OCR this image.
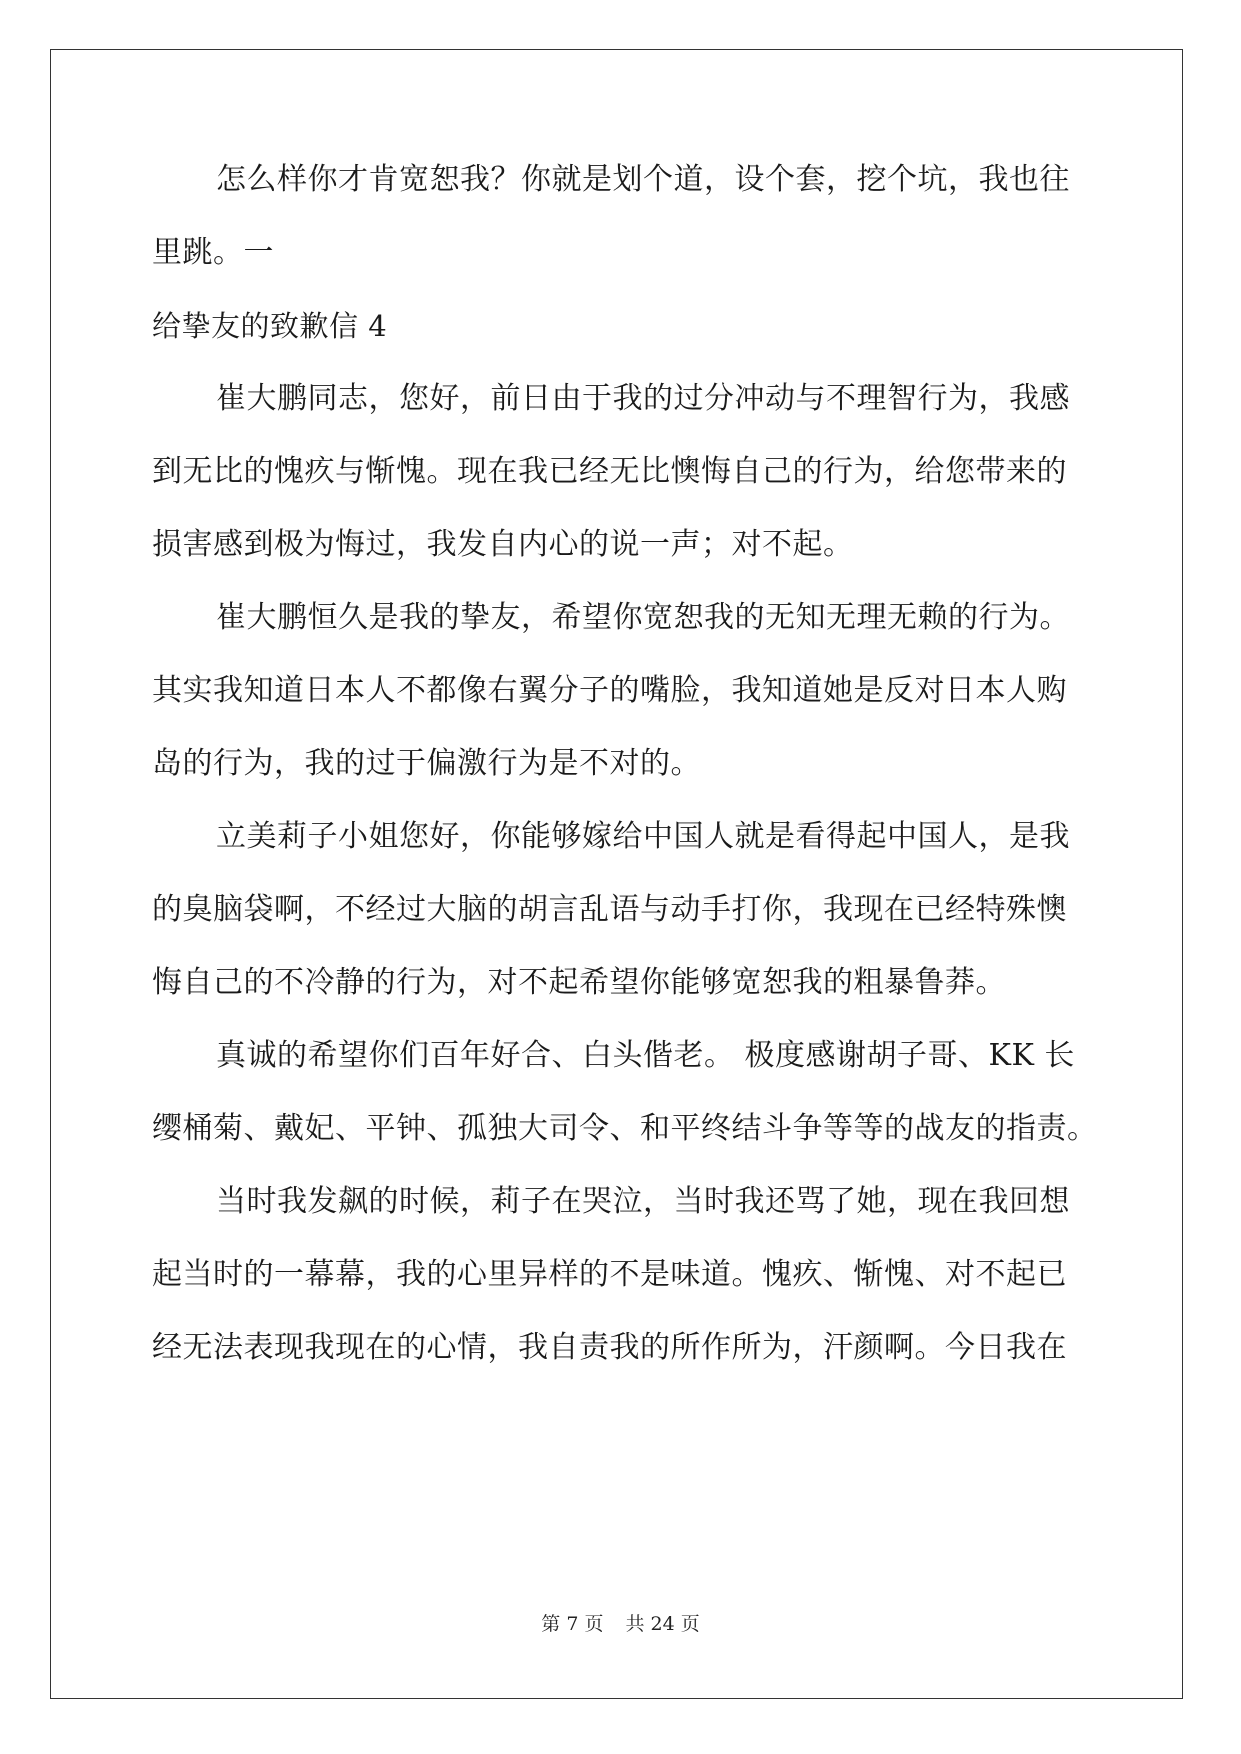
怎么样你才肯宽恕我？你就是划个道，设个套，挖个坑，我也往
里跳。一
给挚友的致歉信 4
崔大鹏同志，您好，前日由于我的过分冲动与不理智行为，我感
到无比的愧疚与惭愧。现在我已经无比懊悔自己的行为，给您带来的
损害感到极为悔过，我发自内心的说一声；对不起。
崔大鹏恒久是我的挚友，希望你宽恕我的无知无理无赖的行为。
其实我知道日本人不都像右翼分子的嘴脸，我知道她是反对日本人购
岛的行为，我的过于偏激行为是不对的。
立美莉子小姐您好，你能够嫁给中国人就是看得起中国人，是我
的臭脑袋啊，不经过大脑的胡言乱语与动手打你，我现在已经特殊懊
悔自己的不冷静的行为，对不起希望你能够宽恕我的粗暴鲁莽。
真诚的希望你们百年好合、白头偕老。 极度感谢胡子哥、KK 长
缨桶菊、戴妃、平钟、孤独大司令、和平终结斗争等等的战友的指责。
当时我发飙的时候，莉子在哭泣，当时我还骂了她，现在我回想
起当时的一幕幕，我的心里异样的不是味道。愧疚、惭愧、对不起已
经无法表现我现在的心情，我自责我的所作所为，汗颜啊。今日我在
第 7 页 共 24 页
